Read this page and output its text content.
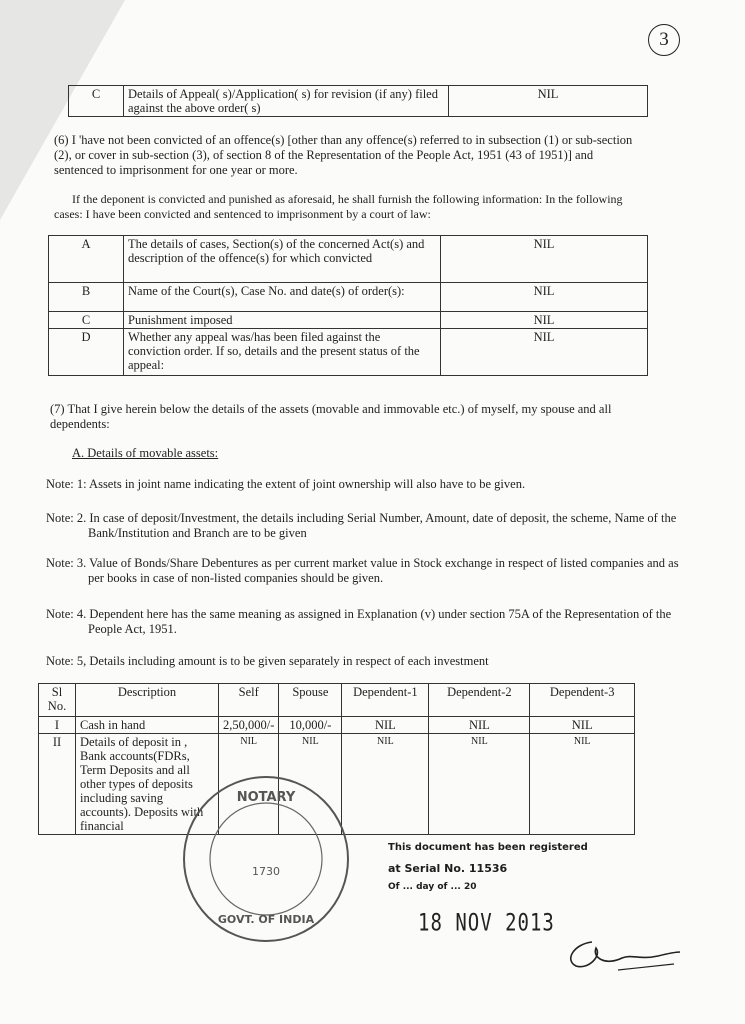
3
C	Details of Appeal( s)/Application( s) for revision (if any) filed against the above order( s)	NIL

(6) I 'have not been convicted of an offence(s) [other than any offence(s) referred to in subsection (1) or sub-section (2), or cover in sub-section (3), of section 8 of the Representation of the People Act, 1951 (43 of 1951)] and sentenced to imprisonment for one year or more.

If the deponent is convicted and punished as aforesaid, he shall furnish the following information: In the following cases: I have been convicted and sentenced to imprisonment by a court of law:

A	The details of cases, Section(s) of the concerned Act(s) and description of the offence(s) for which convicted	NIL
B	Name of the Court(s), Case No. and date(s) of order(s):	NIL
C	Punishment imposed	NIL
D	Whether any appeal was/has been filed against the conviction order. If so, details and the present status of the appeal:	NIL

(7) That I give herein below the details of the assets (movable and immovable etc.) of myself, my spouse and all dependents:

A. Details of movable assets:

Note: 1: Assets in joint name indicating the extent of joint ownership will also have to be given.

Note: 2. In case of deposit/Investment, the details including Serial Number, Amount, date of deposit, the scheme, Name of the Bank/Institution and Branch are to be given

Note: 3. Value of Bonds/Share Debentures as per current market value in Stock exchange in respect of listed companies and as per books in case of non-listed companies should be given.

Note: 4. Dependent here has the same meaning as assigned in Explanation (v) under section 75A of the Representation of the People Act, 1951.

Note: 5, Details including amount is to be given separately in respect of each investment

Sl No.	Description	Self	Spouse	Dependent-1	Dependent-2	Dependent-3
I	Cash in hand	2,50,000/-	10,000/-	NIL	NIL	NIL
II	Details of deposit in , Bank accounts(FDRs, Term Deposits and all other types of deposits including saving accounts). Deposits with financial	NIL	NIL	NIL	NIL	NIL
NOTARY
1730
GOVT. OF INDIA
This document has been registered
at Serial No. 11536
Of ... day of ... 20
18 NOV 2013
